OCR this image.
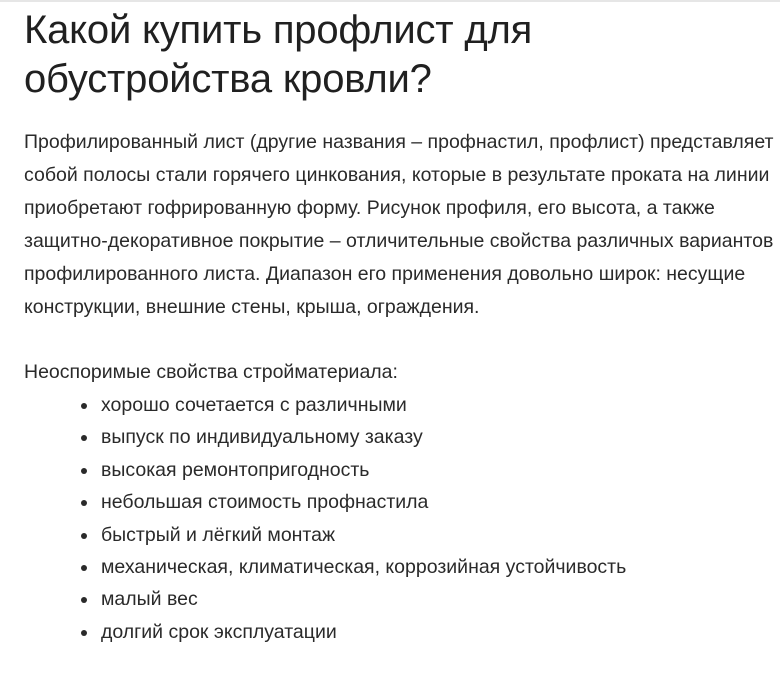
Какой купить профлист для обустройства кровли?

Профилированный лист (другие названия – профнастил, профлист) представляет собой полосы стали горячего цинкования, которые в результате проката на линии приобретают гофрированную форму. Рисунок профиля, его высота, а также защитно-декоративное покрытие – отличительные свойства различных вариантов профилированного листа. Диапазон его применения довольно широк: несущие конструкции, внешние стены, крыша, ограждения.

Неоспоримые свойства стройматериала:

• хорошо сочетается с различными
• выпуск по индивидуальному заказу
• высокая ремонтопригодность
• небольшая стоимость профнастила
• быстрый и лёгкий монтаж
• механическая, климатическая, коррозийная устойчивость
• малый вес
• долгий срок эксплуатации
